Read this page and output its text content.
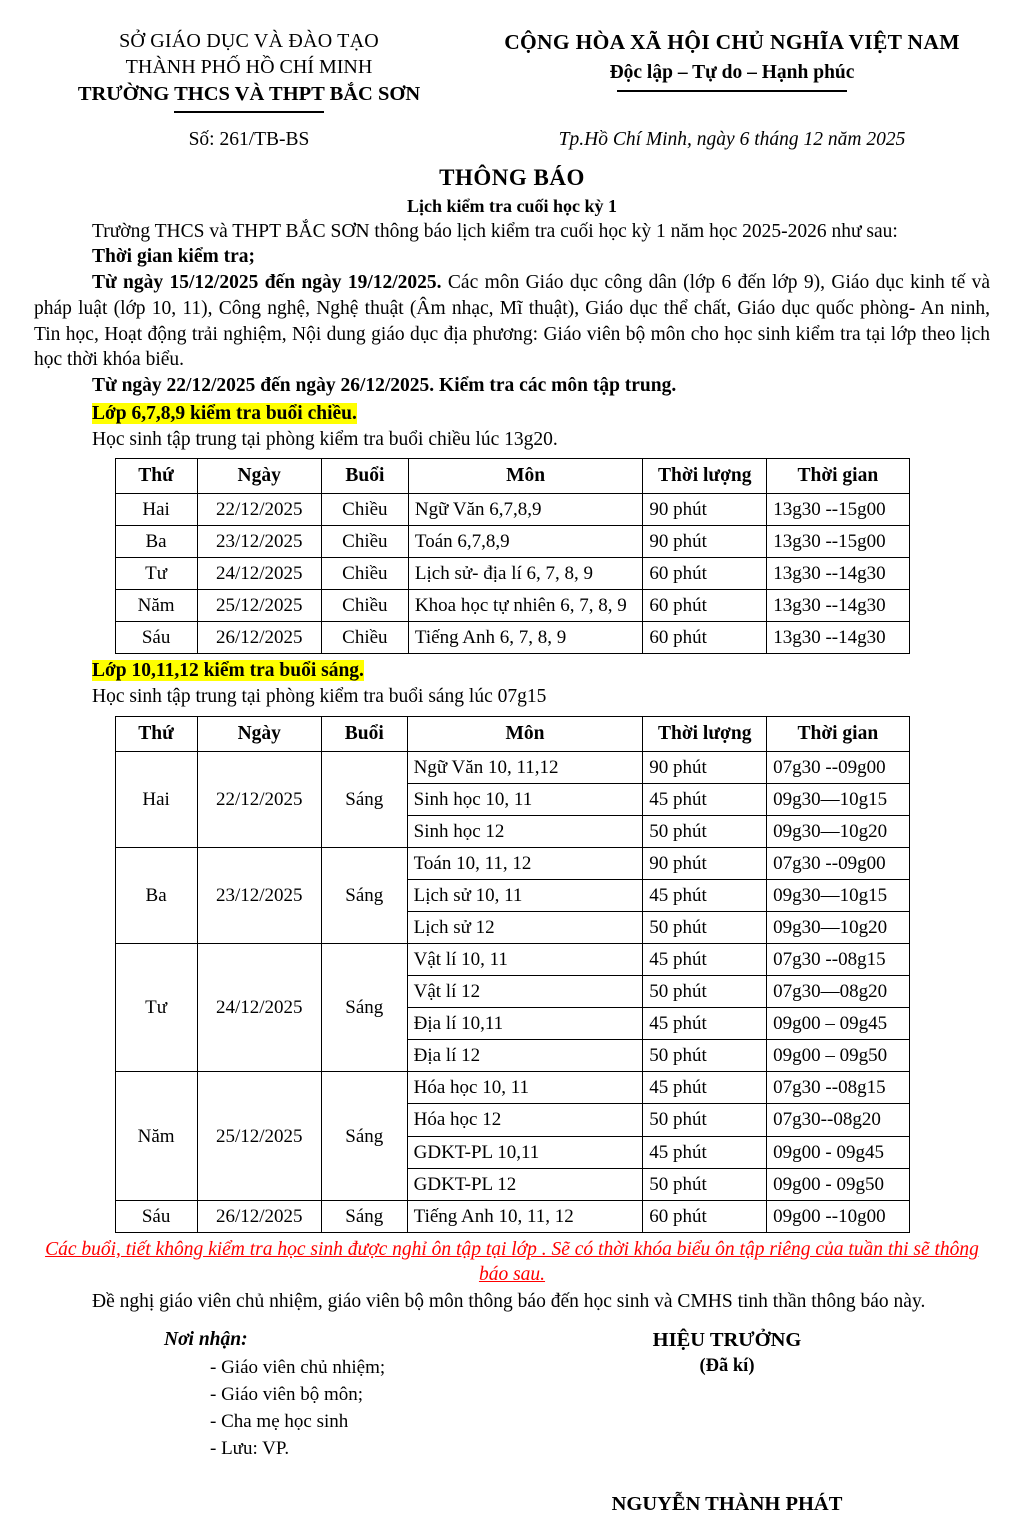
SỞ GIÁO DỤC VÀ ĐÀO TẠO
THÀNH PHỐ HỒ CHÍ MINH
TRƯỜNG THCS VÀ THPT BẮC SƠN
CỘNG HÒA XÃ HỘI CHỦ NGHĨA VIỆT NAM
Độc lập – Tự do – Hạnh phúc
Số: 261/TB-BS	Tp.Hồ Chí Minh, ngày 6 tháng 12 năm 2025
THÔNG BÁO
Lịch kiểm tra cuối học kỳ 1

Trường THCS và THPT BẮC SƠN thông báo lịch kiểm tra cuối học kỳ 1 năm học 2025-2026 như sau:

Thời gian kiểm tra;

Từ ngày 15/12/2025 đến ngày 19/12/2025. Các môn Giáo dục công dân (lớp 6 đến lớp 9), Giáo dục kinh tế và pháp luật (lớp 10, 11), Công nghệ, Nghệ thuật (Âm nhạc, Mĩ thuật), Giáo dục thể chất, Giáo dục quốc phòng- An ninh, Tin học, Hoạt động trải nghiệm, Nội dung giáo dục địa phương: Giáo viên bộ môn cho học sinh kiểm tra tại lớp theo lịch học thời khóa biểu.

Từ ngày 22/12/2025 đến ngày 26/12/2025. Kiểm tra các môn tập trung.

Lớp 6,7,8,9 kiểm tra buổi chiều.

Học sinh tập trung tại phòng kiểm tra buổi chiều lúc 13g20.

Thứ	Ngày	Buổi	Môn	Thời lượng	Thời gian
Hai	22/12/2025	Chiều	Ngữ Văn 6,7,8,9	90 phút	13g30 --15g00
Ba	23/12/2025	Chiều	Toán 6,7,8,9	90 phút	13g30 --15g00
Tư	24/12/2025	Chiều	Lịch sử- địa lí 6, 7, 8, 9	60 phút	13g30 --14g30
Năm	25/12/2025	Chiều	Khoa học tự nhiên 6, 7, 8, 9	60 phút	13g30 --14g30
Sáu	26/12/2025	Chiều	Tiếng Anh 6, 7, 8, 9	60 phút	13g30 --14g30

Lớp 10,11,12 kiểm tra buổi sáng.

Học sinh tập trung tại phòng kiểm tra buổi sáng lúc 07g15

Thứ	Ngày	Buổi	Môn	Thời lượng	Thời gian
Hai	22/12/2025	Sáng	Ngữ Văn 10, 11,12	90 phút	07g30 --09g00
			Sinh học 10, 11	45 phút	09g30—10g15
			Sinh học 12	50 phút	09g30—10g20
Ba	23/12/2025	Sáng	Toán 10, 11, 12	90 phút	07g30 --09g00
			Lịch sử 10, 11	45 phút	09g30—10g15
			Lịch sử 12	50 phút	09g30—10g20
Tư	24/12/2025	Sáng	Vật lí 10, 11	45 phút	07g30 --08g15
			Vật lí 12	50 phút	07g30—08g20
			Địa lí 10,11	45 phút	09g00 – 09g45
			Địa lí 12	50 phút	09g00 – 09g50
Năm	25/12/2025	Sáng	Hóa học 10, 11	45 phút	07g30 --08g15
			Hóa học 12	50 phút	07g30--08g20
			GDKT-PL 10,11	45 phút	09g00 - 09g45
			GDKT-PL 12	50 phút	09g00 - 09g50
Sáu	26/12/2025	Sáng	Tiếng Anh 10, 11, 12	60 phút	09g00 --10g00
Các buổi, tiết không kiểm tra học sinh được nghỉ ôn tập tại lớp . Sẽ có thời khóa biểu ôn tập riêng của tuần thi sẽ thông báo sau.

Đề nghị giáo viên chủ nhiệm, giáo viên bộ môn thông báo đến học sinh và CMHS tinh thần thông báo này.

Nơi nhận:
- Giáo viên chủ nhiệm;
- Giáo viên bộ môn;
- Cha mẹ học sinh
- Lưu: VP.
HIỆU TRƯỞNG
(Đã kí)
NGUYỄN THÀNH PHÁT
